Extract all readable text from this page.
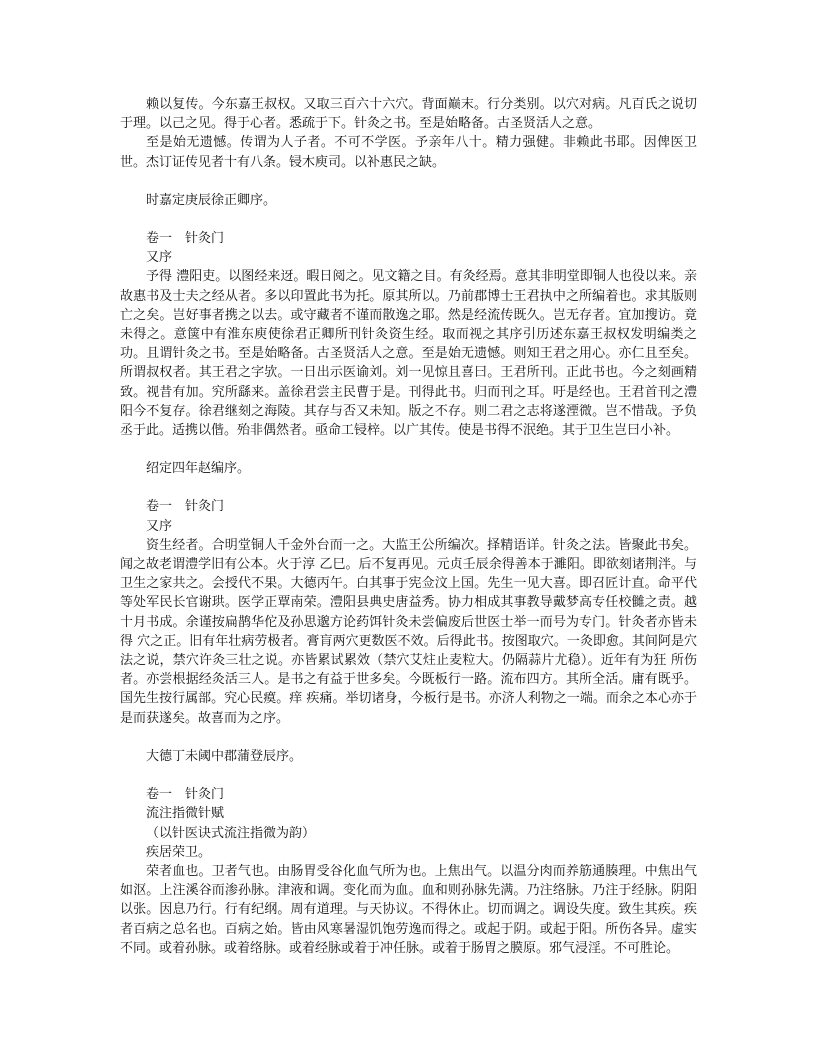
赖以复传。今东嘉王叔权。又取三百六十六穴。背面巅末。行分类别。以穴对病。凡百氏之说切于理。以己之见。得于心者。悉疏于下。针灸之书。至是始略备。古圣贤活人之意。

至是始无遗憾。传谓为人子者。不可不学医。予亲年八十。精力强健。非赖此书耶。因俾医卫世。杰订证传见者十有八条。锓木庾司。以补惠民之缺。

时嘉定庚辰徐正卿序。

卷一　针灸门

又序

予得 澧阳吏。以图经来迓。暇日阅之。见文籍之目。有灸经焉。意其非明堂即铜人也役以来。亲故惠书及士夫之经从者。多以印置此书为托。原其所以。乃前郡博士王君执中之所编着也。求其版则亡之矣。岂好事者携之以去。或守藏者不谨而散逸之耶。然是经流传既久。岂无存者。宜加搜访。竟未得之。意箧中有淮东庾使徐君正卿所刊针灸资生经。取而视之其序引历述东嘉王叔权发明编类之功。且谓针灸之书。至是始略备。古圣贤活人之意。至是始无遗憾。则知王君之用心。亦仁且至矣。所谓叔权者。其王君之字欤。一日出示医谕刘。刘一见惊且喜曰。王君所刊。正此书也。今之刻画精致。视昔有加。究所繇来。盖徐君尝主民曹于是。刊得此书。归而刊之耳。吁是经也。王君首刊之澧阳今不复存。徐君继刻之海陵。其存与否又未知。版之不存。则二君之志将遂湮微。岂不惜哉。予负丞于此。适携以偕。殆非偶然者。亟命工锓梓。以广其传。使是书得不泯绝。其于卫生岂曰小补。

绍定四年赵编序。

卷一　针灸门

又序

资生经者。合明堂铜人千金外台而一之。大监王公所编次。择精语详。针灸之法。皆聚此书矣。闻之故老谓澧学旧有公本。火于淳 乙巳。后不复再见。元贞壬辰余得善本于濉阳。即欲刻诸荆泮。与卫生之家共之。会授代不果。大德丙午。白其事于宪佥汶上国。先生一见大喜。即召匠计直。命平代等处军民长官谢珙。医学正覃南荣。澧阳县典史唐益秀。协力相成其事教导戴梦高专任校雠之责。越十月书成。余谨按扁鹊华佗及孙思邈方论药饵针灸未尝偏废后世医士举一而号为专门。针灸者亦皆未得 穴之正。旧有年壮病劳极者。膏肓两穴更数医不效。后得此书。按图取穴。一灸即愈。其间阿是穴法之说，禁穴许灸三壮之说。亦皆累试累效（禁穴艾炷止麦粒大。仍隔蒜片尤稳）。近年有为狂 所伤者。亦尝根据经灸活三人。是书之有益于世多矣。今既板行一路。流布四方。其所全活。庸有既乎。国先生按行属部。究心民瘼。痒 疾痛。举切诸身，今板行是书。亦济人利物之一端。而余之本心亦于是而获遂矣。故喜而为之序。

大德丁未阈中郡蒲登辰序。

卷一　针灸门

流注指微针赋

（以针医诀式流注指微为韵）

疾居荣卫。

荣者血也。卫者气也。由肠胃受谷化血气所为也。上焦出气。以温分肉而养筋通腠理。中焦出气如沤。上注溪谷而渗孙脉。津液和调。变化而为血。血和则孙脉先满。乃注络脉。乃注于经脉。阴阳以张。因息乃行。行有纪纲。周有道理。与天协议。不得休止。切而调之。调设失度。致生其疾。疾者百病之总名也。百病之始。皆由风寒暑湿饥饱劳逸而得之。或起于阴。或起于阳。所伤各异。虚实不同。或着孙脉。或着络脉。或着经脉或着于冲任脉。或着于肠胃之膜原。邪气浸淫。不可胜论。
